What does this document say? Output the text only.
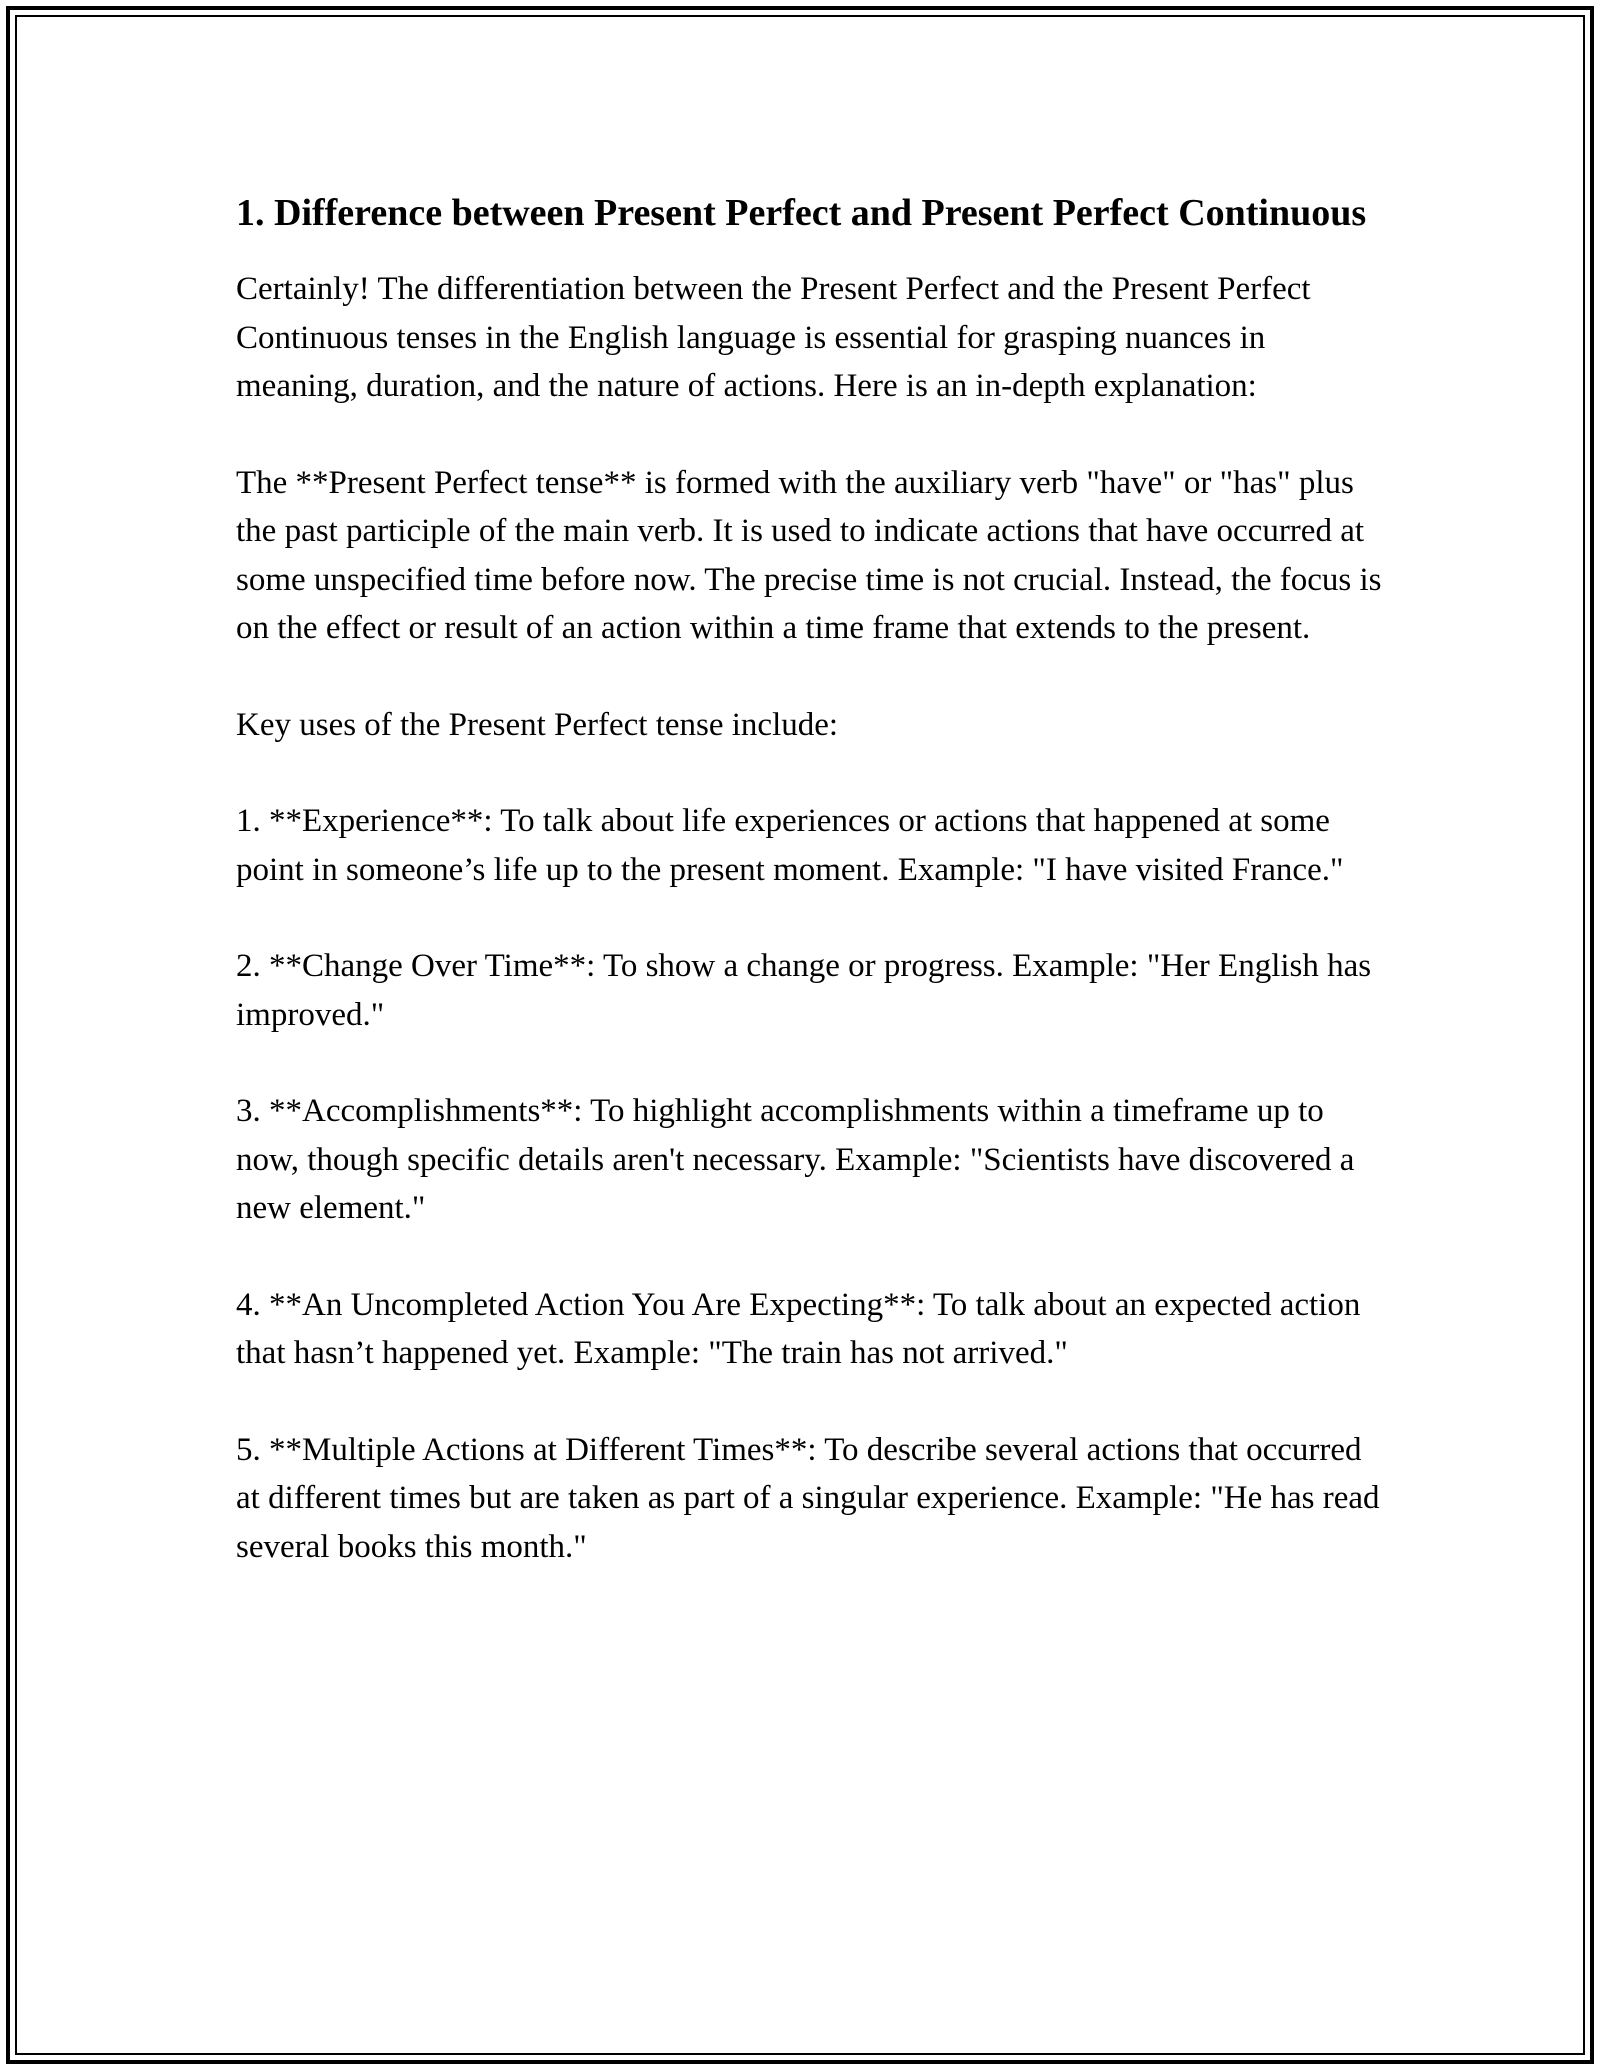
1. Difference between Present Perfect and Present Perfect Continuous

Certainly! The differentiation between the Present Perfect and the Present Perfect Continuous tenses in the English language is essential for grasping nuances in meaning, duration, and the nature of actions. Here is an in-depth explanation:

The **Present Perfect tense** is formed with the auxiliary verb "have" or "has" plus the past participle of the main verb. It is used to indicate actions that have occurred at some unspecified time before now. The precise time is not crucial. Instead, the focus is on the effect or result of an action within a time frame that extends to the present.

Key uses of the Present Perfect tense include:

1. **Experience**: To talk about life experiences or actions that happened at some point in someone’s life up to the present moment. Example: "I have visited France."

2. **Change Over Time**: To show a change or progress. Example: "Her English has improved."

3. **Accomplishments**: To highlight accomplishments within a timeframe up to now, though specific details aren't necessary. Example: "Scientists have discovered a new element."

4. **An Uncompleted Action You Are Expecting**: To talk about an expected action that hasn’t happened yet. Example: "The train has not arrived."

5. **Multiple Actions at Different Times**: To describe several actions that occurred at different times but are taken as part of a singular experience. Example: "He has read several books this month."
